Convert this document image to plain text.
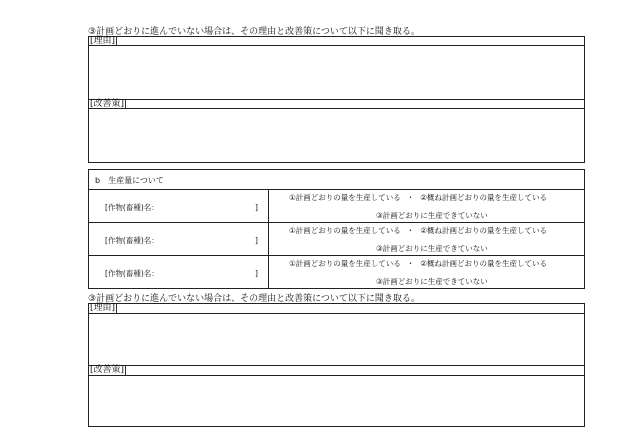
③計画どおりに進んでいない場合は、その理由と改善策について以下に聞き取る。
[理由]
[改善策]
b　生産量について
[作物(畜種)名：	]
①計画どおりの量を生産している ・ ②概ね計画どおりの量を生産している
③計画どおりに生産できていない
[作物(畜種)名：	]
①計画どおりの量を生産している ・ ②概ね計画どおりの量を生産している
③計画どおりに生産できていない
[作物(畜種)名：	]
①計画どおりの量を生産している ・ ②概ね計画どおりの量を生産している
③計画どおりに生産できていない
③計画どおりに進んでいない場合は、その理由と改善策について以下に聞き取る。
[理由]
[改善策]
